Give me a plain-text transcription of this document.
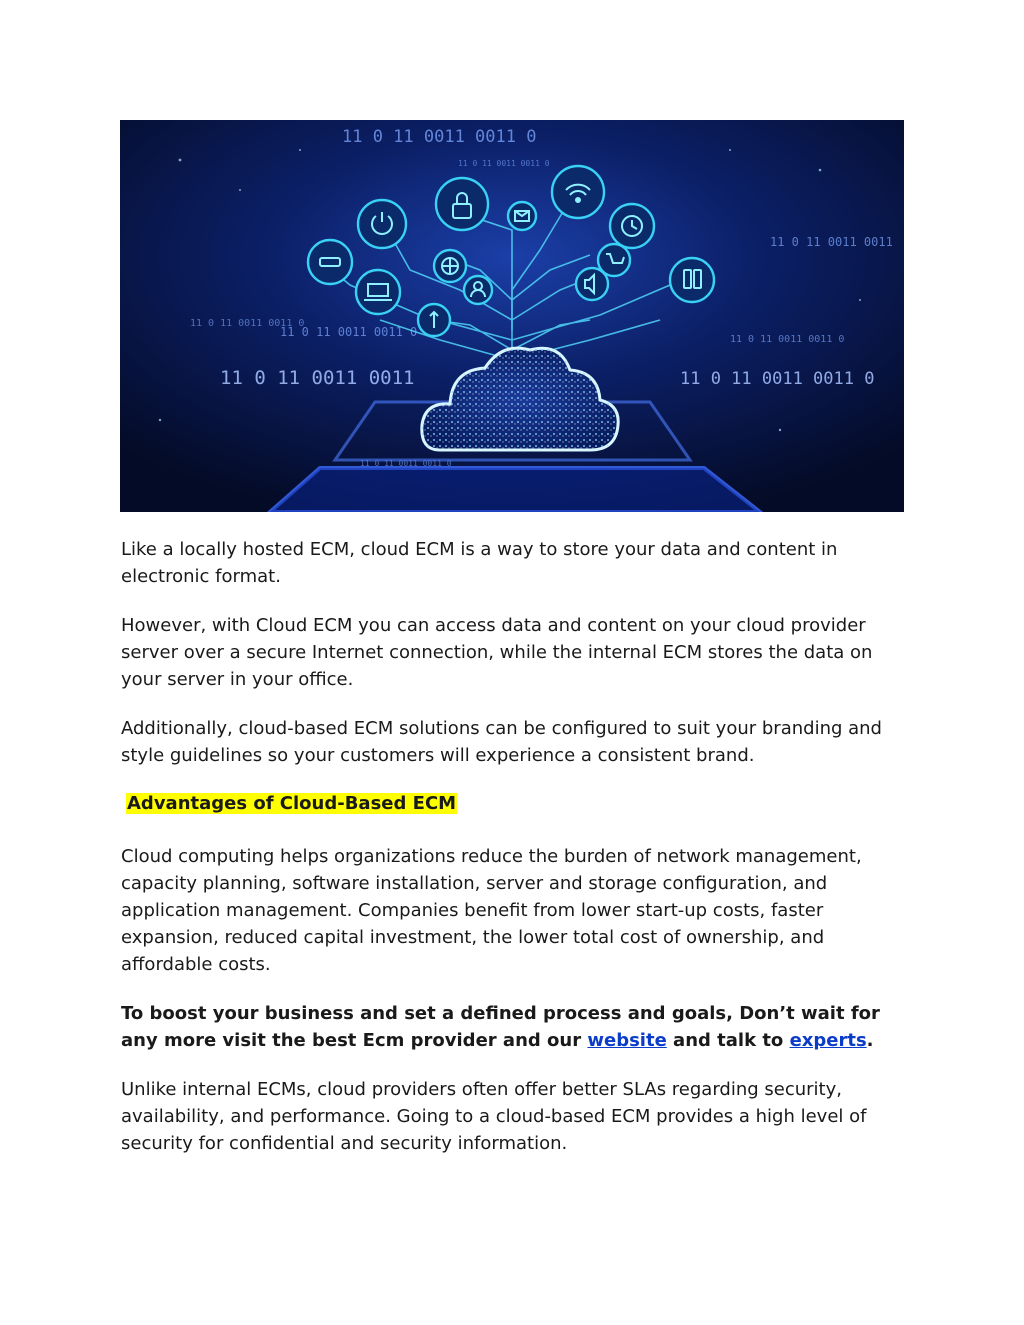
11 0 11 0011 0011 0
11 0 11 0011 0011 0
11 0 11 0011 0011 0
11 0 11 0011 0011 0
11 0 11 0011 0011	11 0 11 0011 0011 0
11 0 11 0011 0011
11 0 11 0011 0011 0
11 0 11 0011 0011 0

Like a locally hosted ECM, cloud ECM is a way to store your data and content in electronic format.

However, with Cloud ECM you can access data and content on your cloud provider server over a secure Internet connection, while the internal ECM stores the data on your server in your office.

Additionally, cloud-based ECM solutions can be configured to suit your branding and style guidelines so your customers will experience a consistent brand.

Advantages of Cloud-Based ECM

Cloud computing helps organizations reduce the burden of network management, capacity planning, software installation, server and storage configuration, and application management. Companies benefit from lower start-up costs, faster expansion, reduced capital investment, the lower total cost of ownership, and affordable costs.

To boost your business and set a defined process and goals, Don’t wait for any more visit the best Ecm provider and our website and talk to experts.

Unlike internal ECMs, cloud providers often offer better SLAs regarding security, availability, and performance. Going to a cloud-based ECM provides a high level of security for confidential and security information.
